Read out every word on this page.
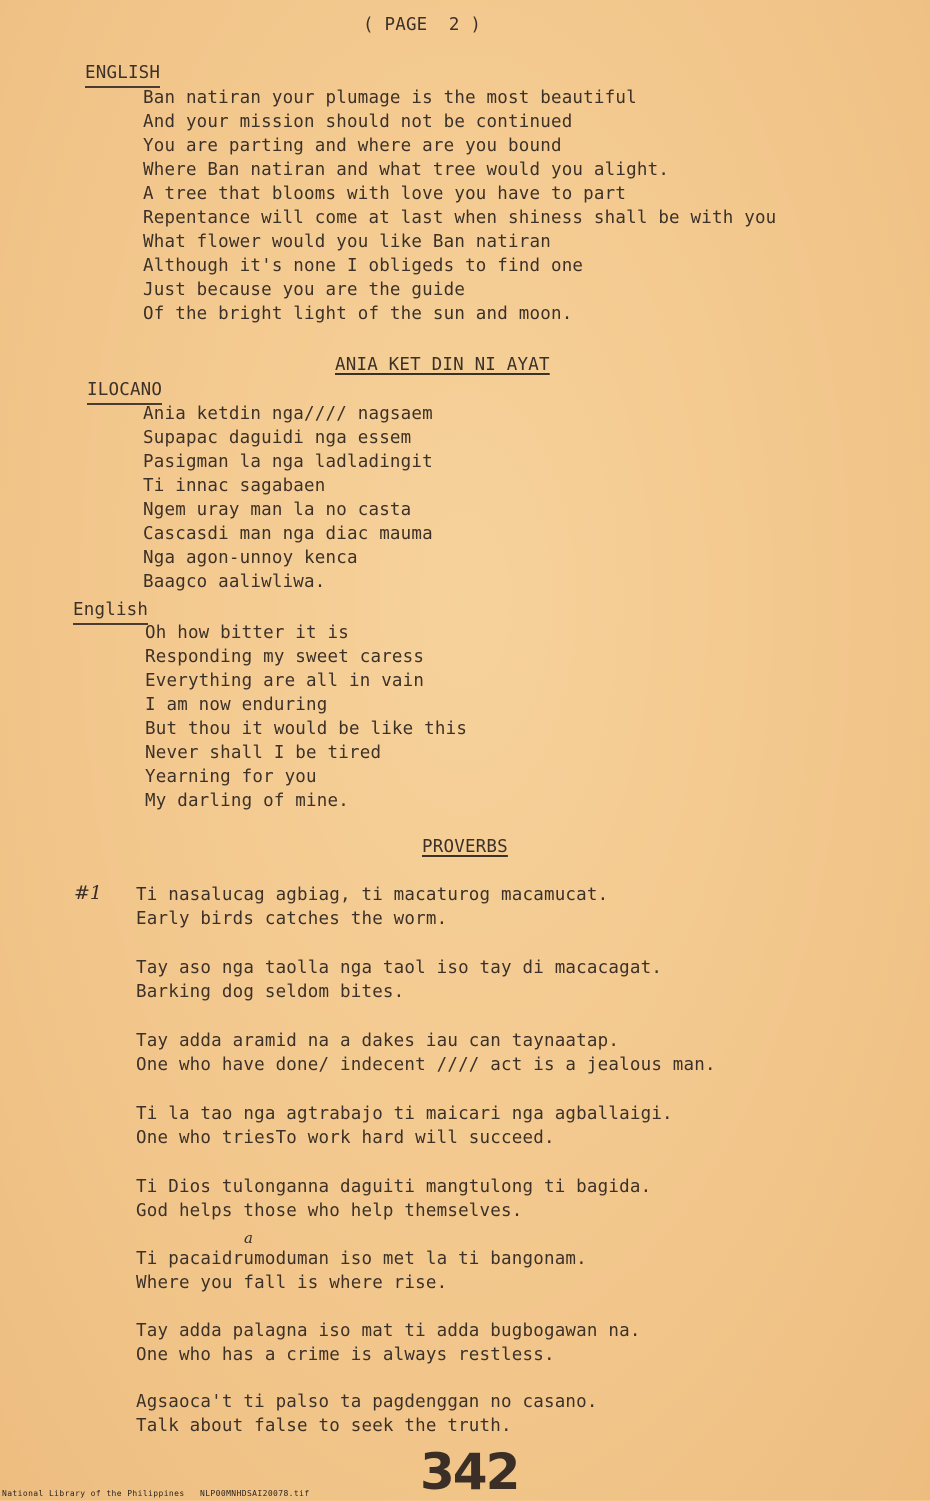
( PAGE  2 )
ENGLISH
Ban natiran your plumage is the most beautiful
And your mission should not be continued
You are parting and where are you bound
Where Ban natiran and what tree would you alight.
A tree that blooms with love you have to part
Repentance will come at last when shiness shall be with you
What flower would you like Ban natiran
Although it's none I obligeds to find one
Just because you are the guide
Of the bright light of the sun and moon.
ANIA KET DIN NI AYAT
ILOCANO
Ania ketdin nga//// nagsaem
Supapac daguidi nga essem
Pasigman la nga ladladingit
Ti innac sagabaen
Ngem uray man la no casta
Cascasdi man nga diac mauma
Nga agon-unnoy kenca
Baagco aaliwliwa.
English
Oh how bitter it is
Responding my sweet caress
Everything are all in vain
I am now enduring
But thou it would be like this
Never shall I be tired
Yearning for you
My darling of mine.
PROVERBS
#1
a
Ti nasalucag agbiag, ti macaturog macamucat.
Early birds catches the worm.
Tay aso nga taolla nga taol iso tay di macacagat.
Barking dog seldom bites.
Tay adda aramid na a dakes iau can taynaatap.
One who have done/ indecent //// act is a jealous man.
Ti la tao nga agtrabajo ti maicari nga agballaigi.
One who triesTo work hard will succeed.
Ti Dios tulonganna daguiti mangtulong ti bagida.
God helps those who help themselves.
Ti pacaidrumoduman iso met la ti bangonam.
Where you fall is where rise.
Tay adda palagna iso mat ti adda bugbogawan na.
One who has a crime is always restless.
Agsaoca't ti palso ta pagdenggan no casano.
Talk about false to seek the truth.
National Library of the Philippines NLP00MNHDSAI20078.tif 342
